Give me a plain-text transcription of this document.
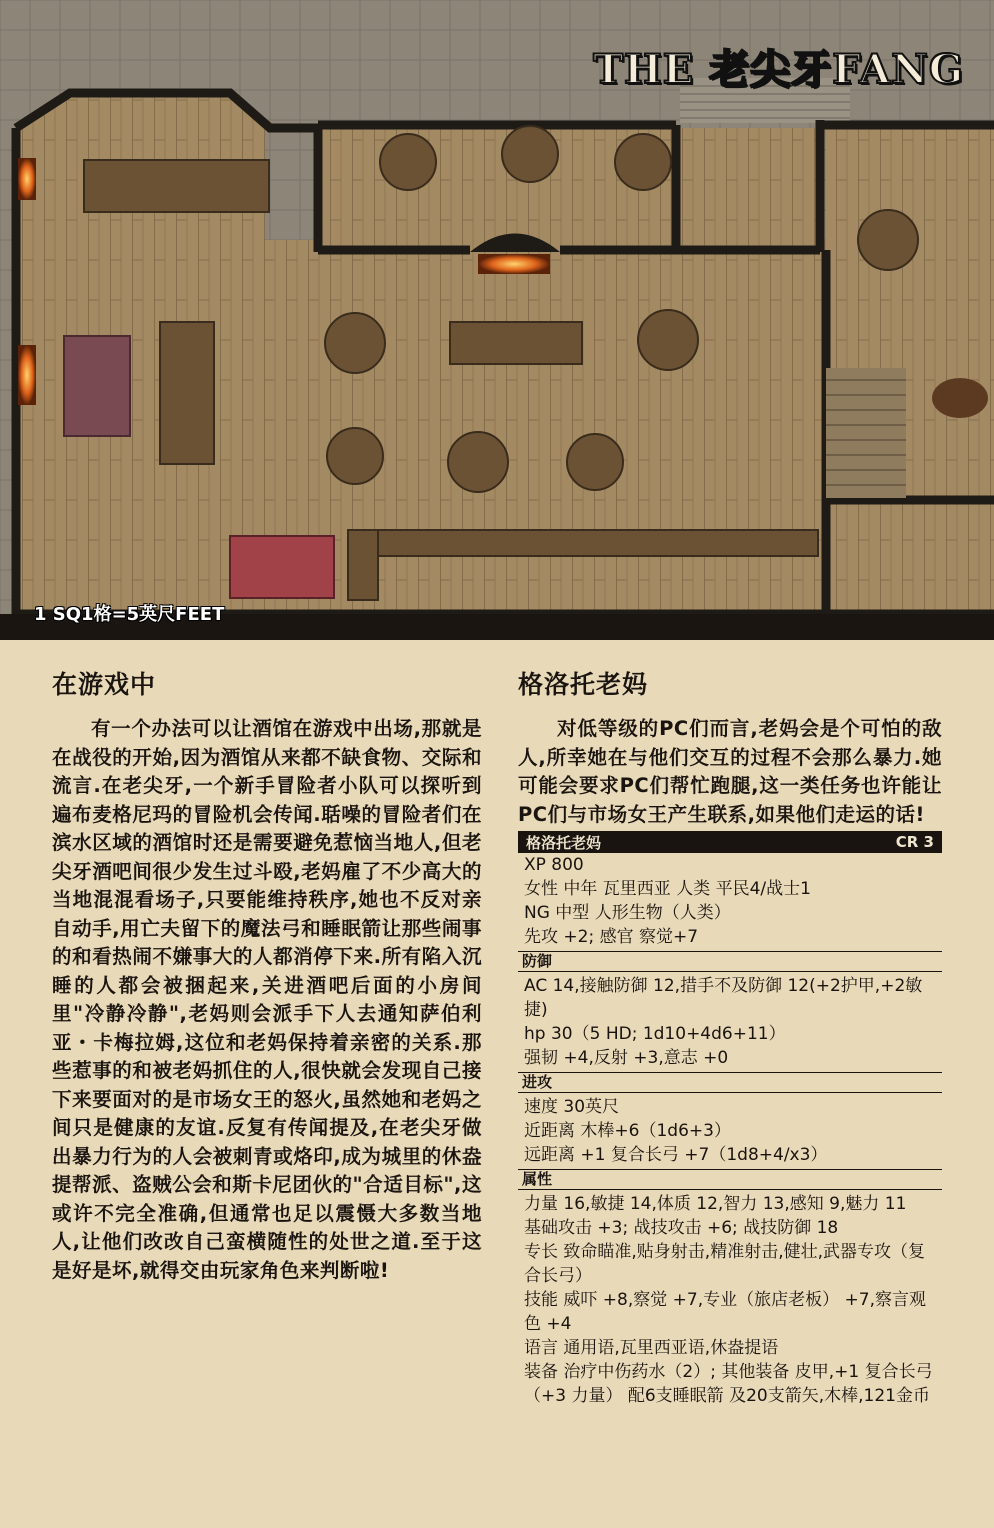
THE 老尖牙FANG
1 SQ1格=5英尺FEET
在游戏中

有一个办法可以让酒馆在游戏中出场,那就是在战役的开始,因为酒馆从来都不缺食物、交际和流言.在老尖牙,一个新手冒险者小队可以探听到遍布麦格尼玛的冒险机会传闻.聒噪的冒险者们在滨水区域的酒馆时还是需要避免惹恼当地人,但老尖牙酒吧间很少发生过斗殴,老妈雇了不少高大的当地混混看场子,只要能维持秩序,她也不反对亲自动手,用亡夫留下的魔法弓和睡眠箭让那些闹事的和看热闹不嫌事大的人都消停下来.所有陷入沉睡的人都会被捆起来,关进酒吧后面的小房间里"冷静冷静",老妈则会派手下人去通知萨伯利亚・卡梅拉姆,这位和老妈保持着亲密的关系.那些惹事的和被老妈抓住的人,很快就会发现自己接下来要面对的是市场女王的怒火,虽然她和老妈之间只是健康的友谊.反复有传闻提及,在老尖牙做出暴力行为的人会被刺青或烙印,成为城里的休盎提帮派、盗贼公会和斯卡尼团伙的"合适目标",这或许不完全准确,但通常也足以震慑大多数当地人,让他们改改自己蛮横随性的处世之道.至于这是好是坏,就得交由玩家角色来判断啦!

格洛托老妈

对低等级的PC们而言,老妈会是个可怕的敌人,所幸她在与他们交互的过程不会那么暴力.她可能会要求PC们帮忙跑腿,这一类任务也许能让PC们与市场女王产生联系,如果他们走运的话!

格洛托老妈	CR 3
XP 800
女性 中年 瓦里西亚 人类 平民4/战士1
NG 中型 人形生物（人类）
先攻 +2; 感官 察觉+7
防御
AC 14,接触防御 12,措手不及防御 12(+2护甲,+2敏捷)
hp 30（5 HD; 1d10+4d6+11）
强韧 +4,反射 +3,意志 +0
进攻
速度 30英尺
近距离 木棒+6（1d6+3）
远距离 +1 复合长弓 +7（1d8+4/x3）
属性
力量 16,敏捷 14,体质 12,智力 13,感知 9,魅力 11
基础攻击 +3; 战技攻击 +6; 战技防御 18
专长 致命瞄准,贴身射击,精准射击,健壮,武器专攻（复合长弓）
技能 威吓 +8,察觉 +7,专业（旅店老板） +7,察言观色 +4
语言 通用语,瓦里西亚语,休盎提语
装备 治疗中伤药水（2）; 其他装备 皮甲,+1 复合长弓（+3 力量） 配6支睡眠箭 及20支箭矢,木棒,121金币
